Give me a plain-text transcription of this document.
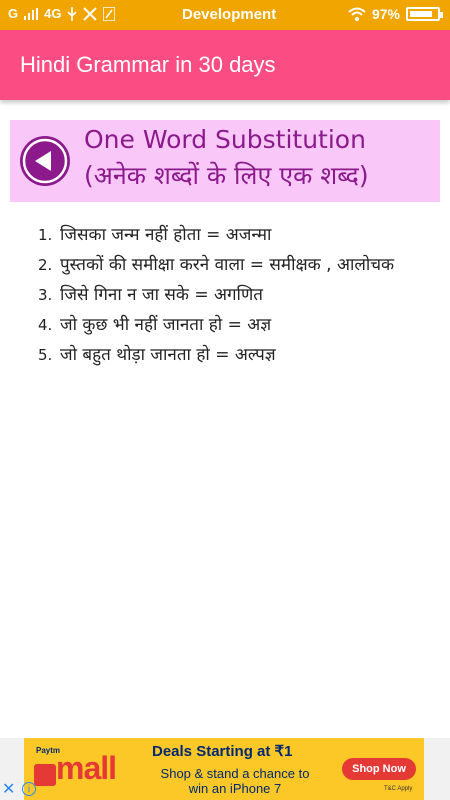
G 4G	Development	97%
Hindi Grammar in 30 days
One Word Substitution
(अनेक शब्दों के लिए एक शब्द)
1. जिसका जन्म नहीं होता = अजन्मा
2. पुस्तकों की समीक्षा करने वाला = समीक्षक , आलोचक
3. जिसे गिना न जा सके = अगणित
4. जो कुछ भी नहीं जानता हो = अज्ञ
5. जो बहुत थोड़ा जानता हो = अल्पज्ञ
Paytm
mall Deals Starting at ₹1
Shop & stand a chance to win an iPhone 7
Shop Now
T&C Apply
✕	i
